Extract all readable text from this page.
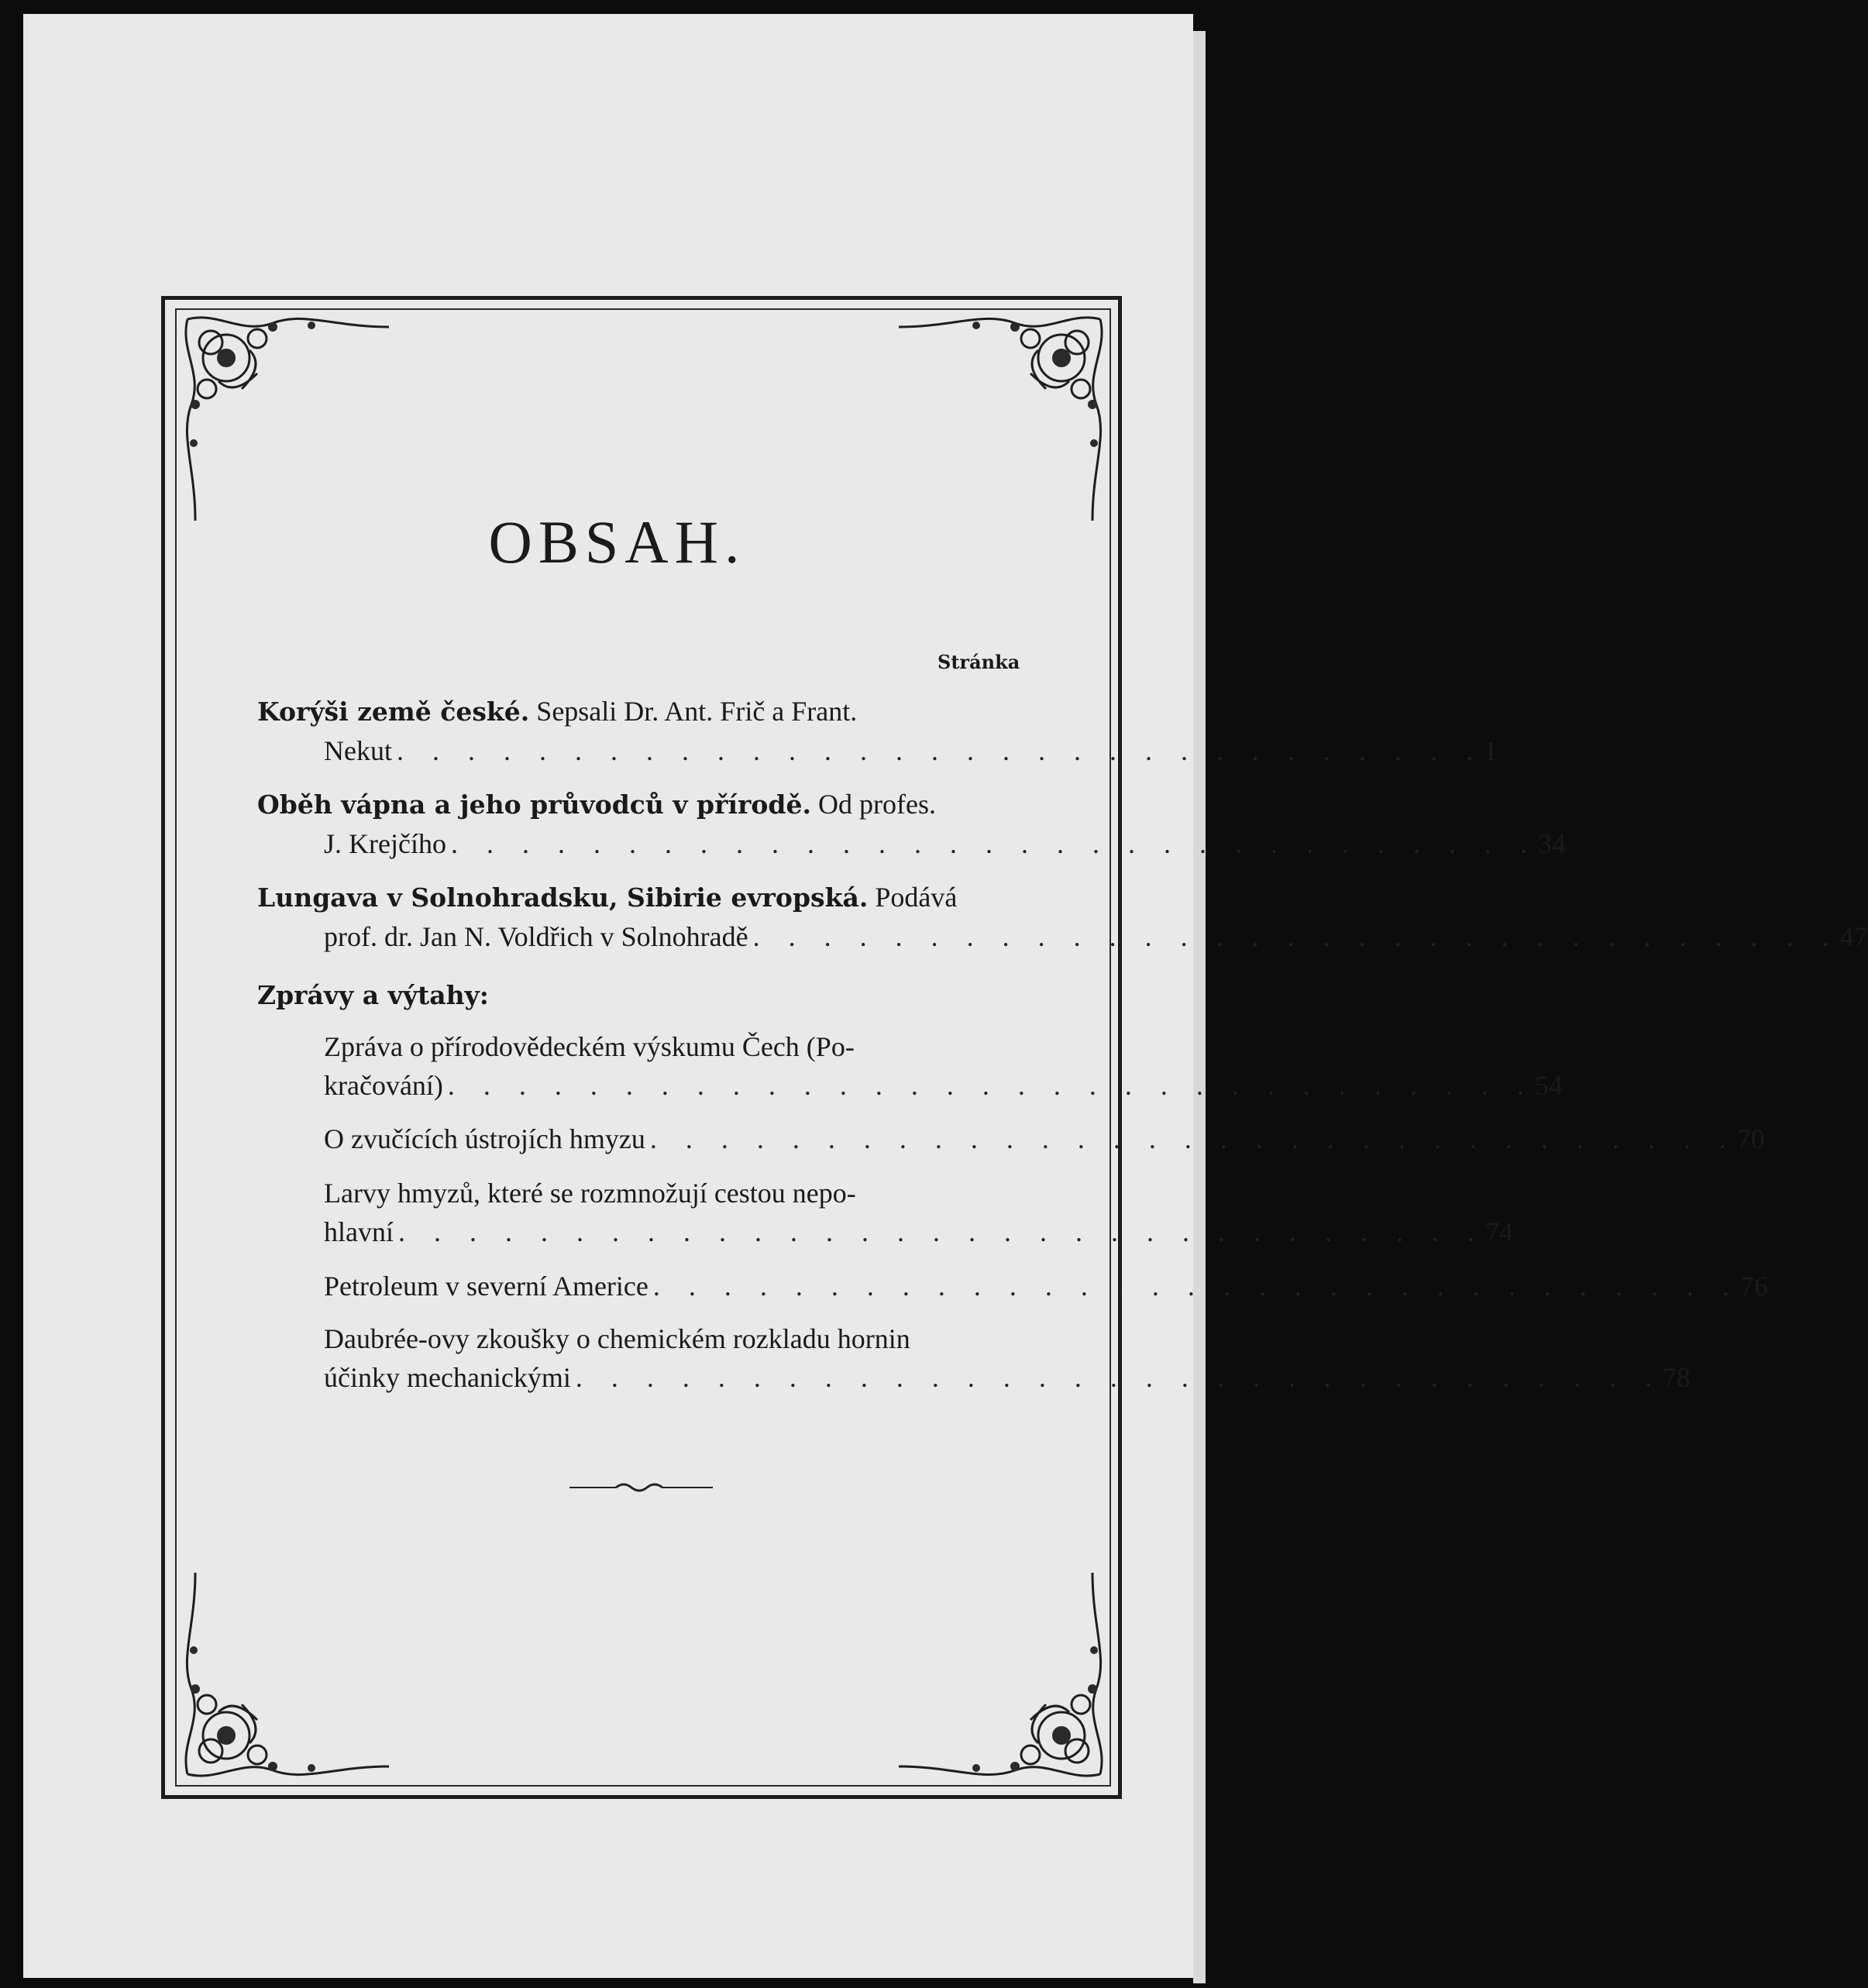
OBSAH.
Stránka
Korýši země české. Sepsali Dr. Ant. Frič a Frant.
Nekut . . . . . . . . . . . . . . . . . . . . . . . . . . . . . . . 1
Oběh vápna a jeho průvodců v přírodě. Od profes.
J. Krejčího . . . . . . . . . . . . . . . . . . . . . . . . . . . . . . . 34
Lungava v Solnohradsku, Sibirie evropská. Podává
prof. dr. Jan N. Voldřich v Solnohradě . . . . . . . . . . . . . . . . . . . . . . . . . . . . . . . 47
Zprávy a výtahy:
Zpráva o přírodovědeckém výskumu Čech (Po-
kračování) . . . . . . . . . . . . . . . . . . . . . . . . . . . . . . . 54
O zvučících ústrojích hmyzu . . . . . . . . . . . . . . . . . . . . . . . . . . . . . . . 70
Larvy hmyzů, které se rozmnožují cestou nepo-
hlavní . . . . . . . . . . . . . . . . . . . . . . . . . . . . . . . 74
Petroleum v severní Americe . . . . . . . . . . . . . . . . . . . . . . . . . . . . . . . 76
Daubrée-ovy zkoušky o chemickém rozkladu hornin
účinky mechanickými . . . . . . . . . . . . . . . . . . . . . . . . . . . . . . . 78
